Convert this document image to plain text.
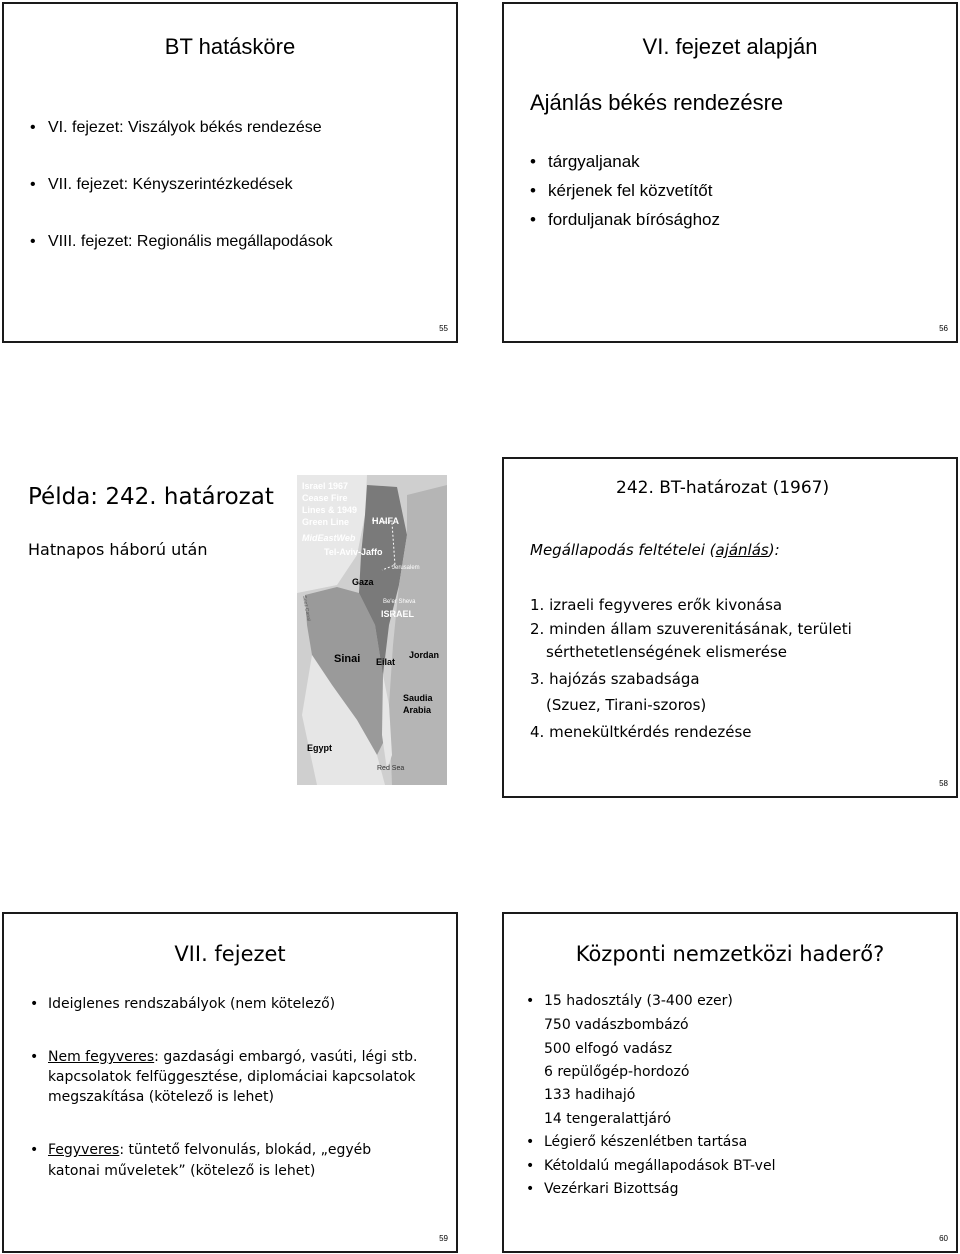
BT hatásköre
• VI. fejezet: Viszályok békés rendezése
• VII. fejezet: Kényszerintézkedések
• VIII. fejezet: Regionális megállapodások
55
VI. fejezet alapján
Ajánlás békés rendezésre
• tárgyaljanak
• kérjenek fel közvetítőt
• forduljanak bírósághoz
56
Példa: 242. határozat
Hatnapos háború után
Israel 1967
Cease Fire
Lines & 1949
Green Line	HAIFA
MidEastWeb
Tel-Aviv-Jaffo
Gaza
Jerusalem
Be'er Sheva
ISRAEL
Sinai Eilat
Jordan
Saudia
Arabia
Egypt
Suez Canal
Red Sea
242. BT-határozat (1967)
Megállapodás feltételei (ajánlás):
1. izraeli fegyveres erők kivonása
2. minden állam szuverenitásának, területi
sérthetetlenségének elismerése
3. hajózás szabadsága
(Szuez, Tirani-szoros)
4. menekültkérdés rendezése
58
VII. fejezet
• Ideiglenes rendszabályok (nem kötelező)
• Nem fegyveres: gazdasági embargó, vasúti, légi stb.
kapcsolatok felfüggesztése, diplomáciai kapcsolatok
megszakítása (kötelező is lehet)
• Fegyveres: tüntető felvonulás, blokád, „egyéb
katonai műveletek” (kötelező is lehet)
59
Központi nemzetközi haderő?
• 15 hadosztály (3-400 ezer)
750 vadászbombázó
500 elfogó vadász
6 repülőgép-hordozó
133 hadihajó
14 tengeralattjáró
• Légierő készenlétben tartása
• Kétoldalú megállapodások BT-vel
• Vezérkari Bizottság
60
